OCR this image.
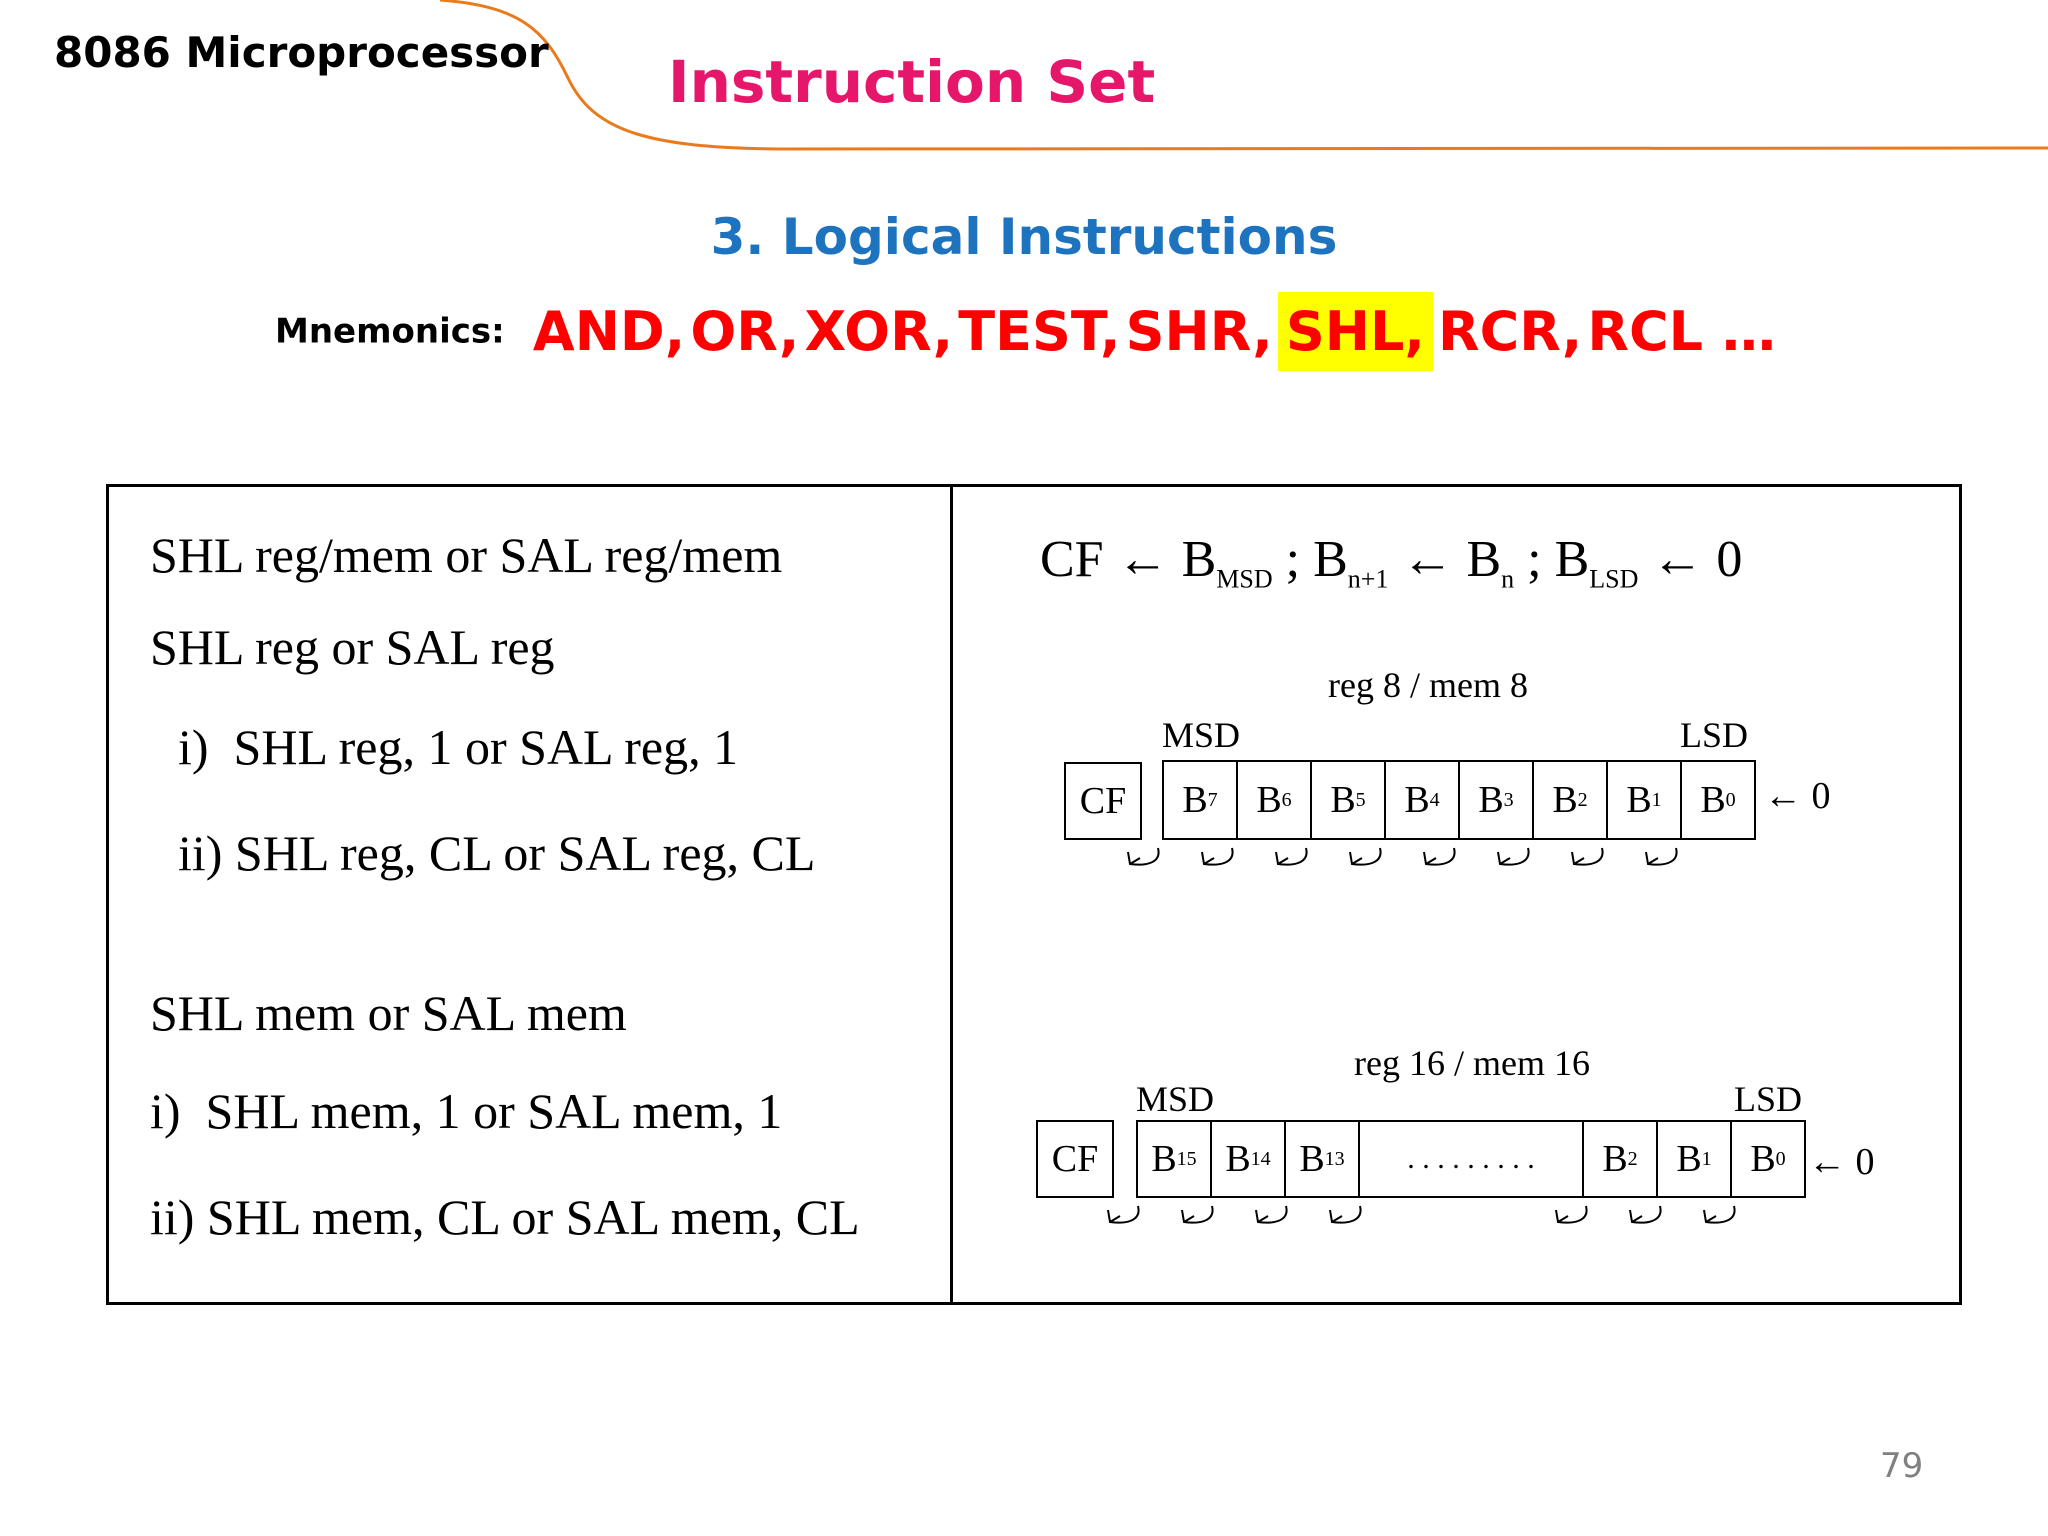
8086 Microprocessor Instruction Set
3. Logical Instructions
Mnemonics: AND, OR, XOR, TEST, SHR, SHL, RCR, RCL …
SHL reg/mem or SAL reg/mem
SHL reg or SAL reg
i)  SHL reg, 1 or SAL reg, 1
ii) SHL reg, CL or SAL reg, CL
SHL mem or SAL mem
i)  SHL mem, 1 or SAL mem, 1
ii) SHL mem, CL or SAL mem, CL
CF ← $B_{MSD}$ ; $B_{n+1}$ ← $B_n$ ; $B_{LSD}$ ← 0
reg 8 / mem 8
MSD	LSD
CF	B 7 B 6 B 5 B 4 B 3 B 2 B 1 B 0 ← 0
reg 16 / mem 16
MSD	LSD
CF	B 15 B 14 B 13	. . . . . . . . .	B 2 B 1 B 0 ← 0
79
